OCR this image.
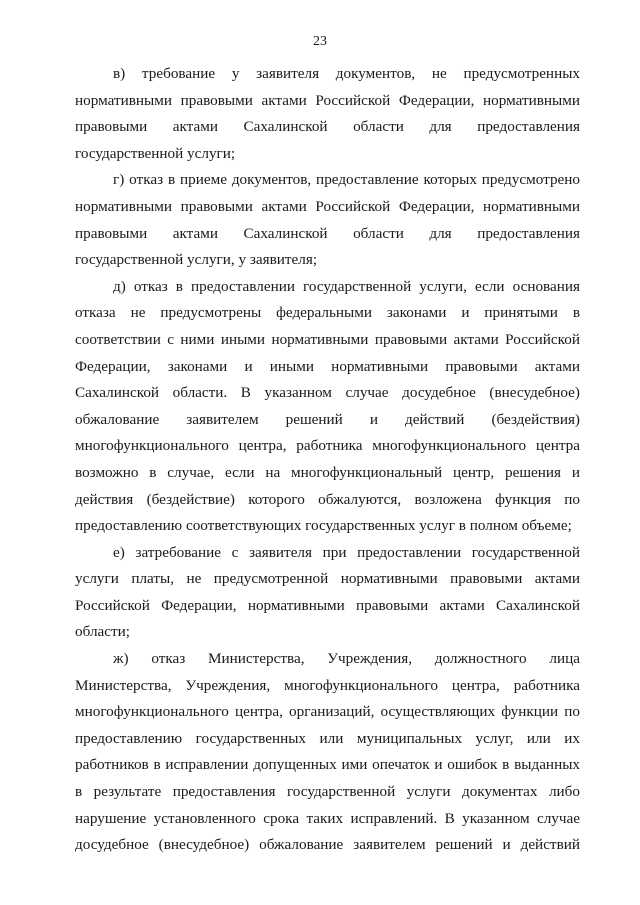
23
в) требование у заявителя документов, не предусмотренных
нормативными правовыми актами Российской Федерации, нормативными
правовыми актами Сахалинской области для предоставления
государственной услуги;
г) отказ в приеме документов, предоставление которых предусмотрено
нормативными правовыми актами Российской Федерации, нормативными
правовыми актами Сахалинской области для предоставления
государственной услуги, у заявителя;
д) отказ в предоставлении государственной услуги, если основания
отказа не предусмотрены федеральными законами и принятыми в
соответствии с ними иными нормативными правовыми актами Российской
Федерации, законами и иными нормативными правовыми актами
Сахалинской области. В указанном случае досудебное (внесудебное)
обжалование заявителем решений и действий (бездействия)
многофункционального центра, работника многофункционального центра
возможно в случае, если на многофункциональный центр, решения и
действия (бездействие) которого обжалуются, возложена функция по
предоставлению соответствующих государственных услуг в полном объеме;
е) затребование с заявителя при предоставлении государственной
услуги платы, не предусмотренной нормативными правовыми актами
Российской Федерации, нормативными правовыми актами Сахалинской
области;
ж) отказ Министерства, Учреждения, должностного лица
Министерства, Учреждения, многофункционального центра, работника
многофункционального центра, организаций, осуществляющих функции по
предоставлению государственных или муниципальных услуг, или их
работников в исправлении допущенных ими опечаток и ошибок в выданных
в результате предоставления государственной услуги документах либо
нарушение установленного срока таких исправлений. В указанном случае
досудебное (внесудебное) обжалование заявителем решений и действий
